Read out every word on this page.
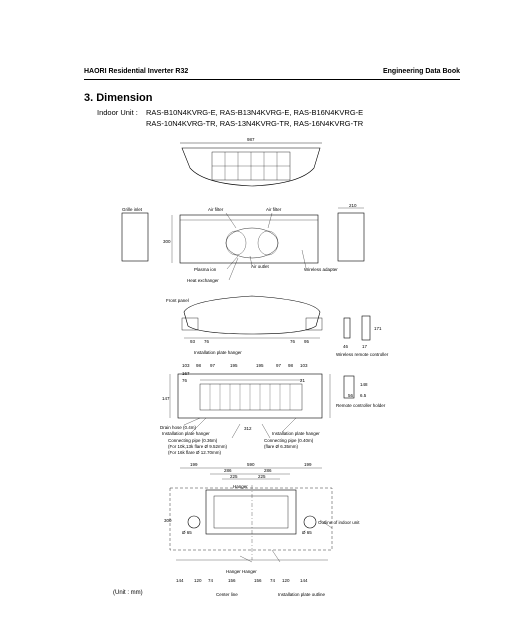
HAORI Residential Inverter R32	Engineering Data Book
3. Dimension
Indoor Unit : RAS-B10N4KVRG-E, RAS-B13N4KVRG-E, RAS-B16N4KVRG-E
RAS-10N4KVRG-TR, RAS-13N4KVRG-TR, RAS-16N4KVRG-TR
987
210
300
Grille inlet	Air filter	Air filter
Plasma ion
Air outlet
Wireless adapter
Heat exchanger
Front panel
Wireless remote controller
Remote controller holder
Installation plate hanger
Drain hose (0.4m)
Installation plate hanger	Installation plate hanger
Connecting pipe (0.36m)
(For 10k,13k flare Ø 9.52mm)
(For 16k flare Ø 12.70mm)
Connecting pipe (0.40m)
(flare Ø 6.35mm)
Hanger
Hanger Hanger
Outline of indoor unit
Center line	Installation plate outline
93 76	76 95
103 98 97	195	195	97 98 103
167
76	21
147
312
46	17
171
56 6.5
148
199	590	199
286	286
225	225
144 120 74	156	156 74 120 144
300
Ø 65	Ø 65
(Unit : mm)
